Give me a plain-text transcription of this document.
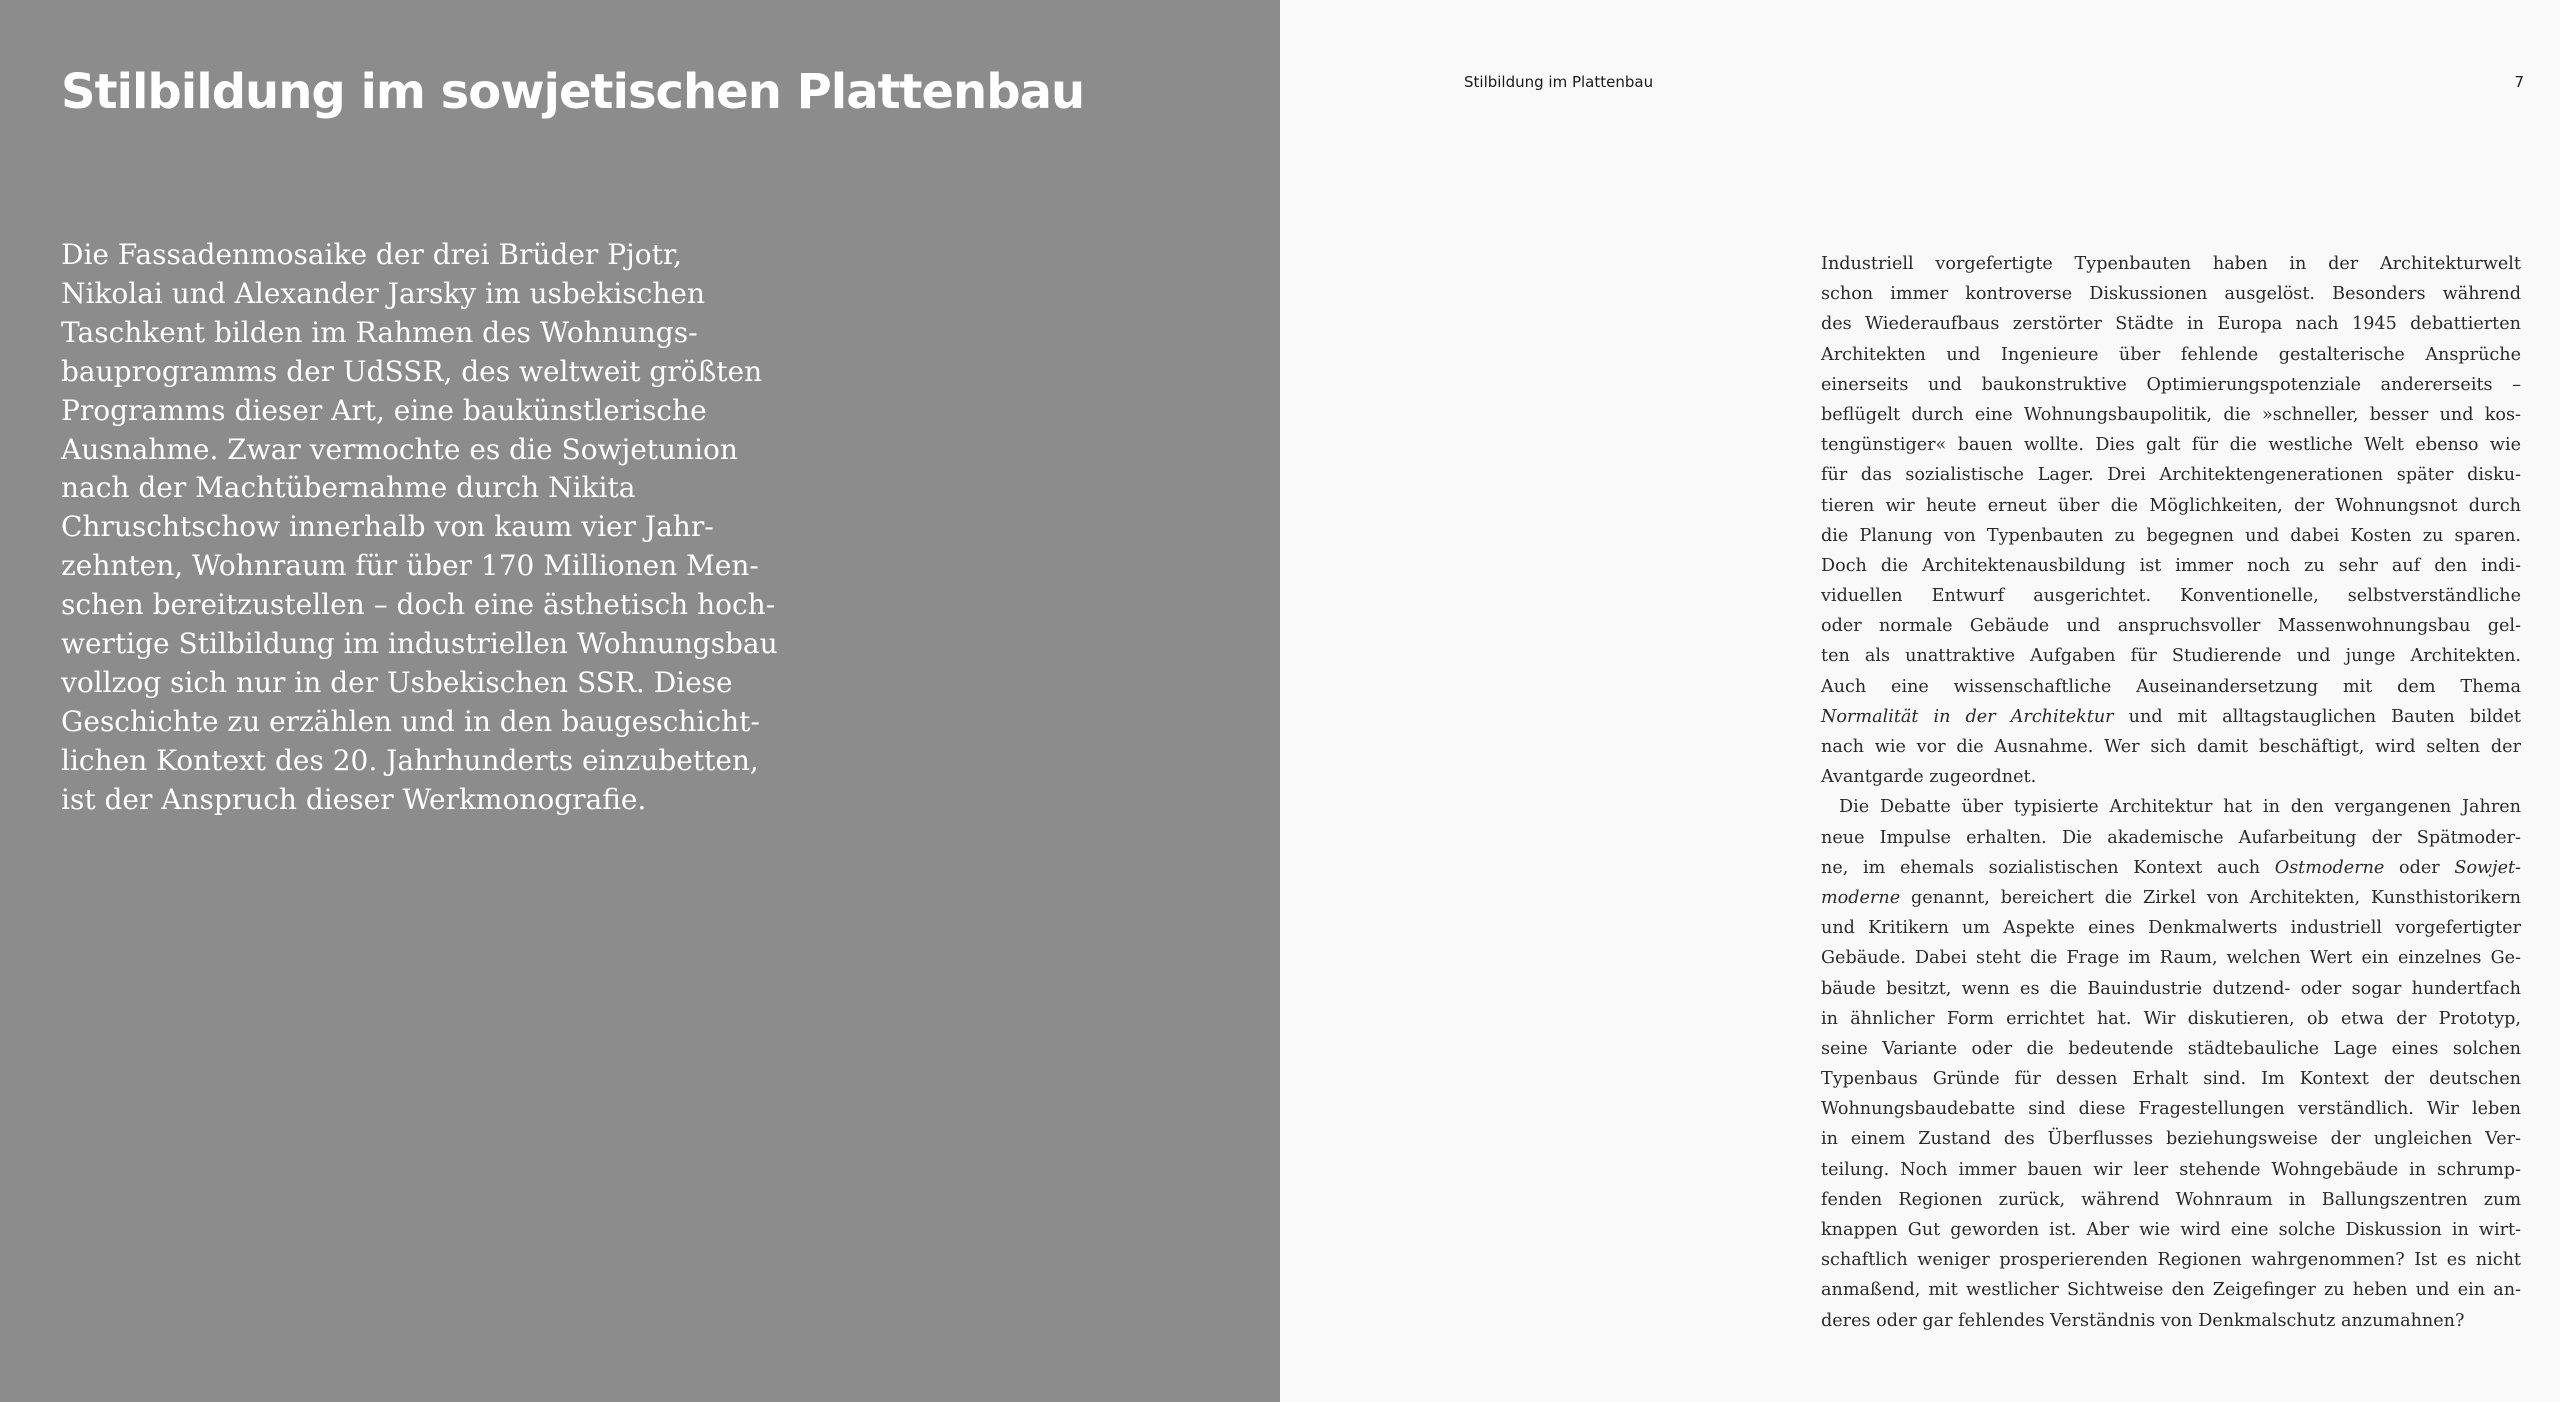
Stilbildung im sowjetischen Plattenbau

Die Fassadenmosaike der drei Brüder Pjotr,
Nikolai und Alexander Jarsky im usbekischen
Taschkent bilden im Rahmen des Wohnungs-
bauprogramms der UdSSR, des weltweit größten
Programms dieser Art, eine baukünstlerische
Ausnahme. Zwar vermochte es die Sowjetunion
nach der Machtübernahme durch Nikita
Chruschtschow innerhalb von kaum vier Jahr-
zehnten, Wohnraum für über 170 Millionen Men-
schen bereitzustellen – doch eine ästhetisch hoch-
wertige Stilbildung im industriellen Wohnungsbau
vollzog sich nur in der Usbekischen SSR. Diese
Geschichte zu erzählen und in den baugeschicht-
lichen Kontext des 20. Jahrhunderts einzubetten,
ist der Anspruch dieser Werkmonografie.

Stilbildung im Plattenbau	7
Industriell vorgefertigte Typenbauten haben in der Architekturwelt
schon immer kontroverse Diskussionen ausgelöst. Besonders während
des Wiederaufbaus zerstörter Städte in Europa nach 1945 debattierten
Architekten und Ingenieure über fehlende gestalterische Ansprüche
einerseits und baukonstruktive Optimierungspotenziale andererseits –
beflügelt durch eine Wohnungsbaupolitik, die »schneller, besser und kos-
tengünstiger« bauen wollte. Dies galt für die westliche Welt ebenso wie
für das sozialistische Lager. Drei Architektengenerationen später disku-
tieren wir heute erneut über die Möglichkeiten, der Wohnungsnot durch
die Planung von Typenbauten zu begegnen und dabei Kosten zu sparen.
Doch die Architektenausbildung ist immer noch zu sehr auf den indi-
viduellen Entwurf ausgerichtet. Konventionelle, selbstverständliche
oder normale Gebäude und anspruchsvoller Massenwohnungsbau gel-
ten als unattraktive Aufgaben für Studierende und junge Architekten.
Auch eine wissenschaftliche Auseinandersetzung mit dem Thema
Normalität in der Architektur und mit alltagstauglichen Bauten bildet
nach wie vor die Ausnahme. Wer sich damit beschäftigt, wird selten der
Avantgarde zugeordnet.
Die Debatte über typisierte Architektur hat in den vergangenen Jahren
neue Impulse erhalten. Die akademische Aufarbeitung der Spätmoder-
ne, im ehemals sozialistischen Kontext auch Ostmoderne oder Sowjet-
moderne genannt, bereichert die Zirkel von Architekten, Kunsthistorikern
und Kritikern um Aspekte eines Denkmalwerts industriell vorgefertigter
Gebäude. Dabei steht die Frage im Raum, welchen Wert ein einzelnes Ge-
bäude besitzt, wenn es die Bauindustrie dutzend- oder sogar hundertfach
in ähnlicher Form errichtet hat. Wir diskutieren, ob etwa der Prototyp,
seine Variante oder die bedeutende städtebauliche Lage eines solchen
Typenbaus Gründe für dessen Erhalt sind. Im Kontext der deutschen
Wohnungsbaudebatte sind diese Fragestellungen verständlich. Wir leben
in einem Zustand des Überflusses beziehungsweise der ungleichen Ver-
teilung. Noch immer bauen wir leer stehende Wohngebäude in schrump-
fenden Regionen zurück, während Wohnraum in Ballungszentren zum
knappen Gut geworden ist. Aber wie wird eine solche Diskussion in wirt-
schaftlich weniger prosperierenden Regionen wahrgenommen? Ist es nicht
anmaßend, mit westlicher Sichtweise den Zeigefinger zu heben und ein an-
deres oder gar fehlendes Verständnis von Denkmalschutz anzumahnen?
